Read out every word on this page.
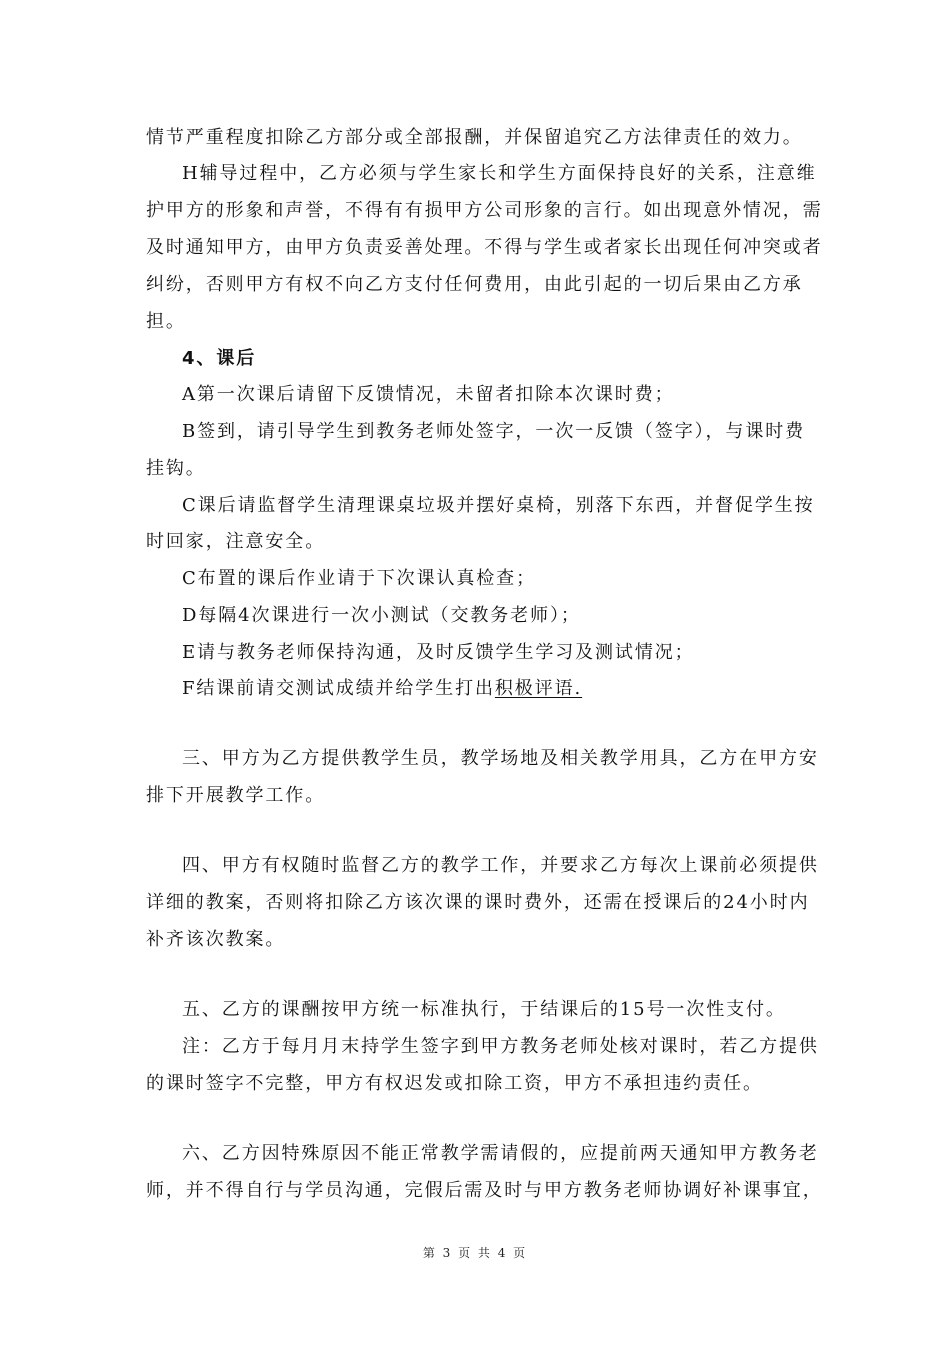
情节严重程度扣除乙方部分或全部报酬，并保留追究乙方法律责任的效力。
H辅导过程中，乙方必须与学生家长和学生方面保持良好的关系，注意维
护甲方的形象和声誉，不得有有损甲方公司形象的言行。如出现意外情况，需
及时通知甲方，由甲方负责妥善处理。不得与学生或者家长出现任何冲突或者
纠纷，否则甲方有权不向乙方支付任何费用，由此引起的一切后果由乙方承
担。
4、课后
A第一次课后请留下反馈情况，未留者扣除本次课时费；
B签到，请引导学生到教务老师处签字，一次一反馈（签字），与课时费
挂钩。
C课后请监督学生清理课桌垃圾并摆好桌椅，别落下东西，并督促学生按
时回家，注意安全。
C布置的课后作业请于下次课认真检查；
D每隔4次课进行一次小测试（交教务老师）；
E请与教务老师保持沟通，及时反馈学生学习及测试情况；
F结课前请交测试成绩并给学生打出积极评语.
三、甲方为乙方提供教学生员，教学场地及相关教学用具，乙方在甲方安
排下开展教学工作。
四、甲方有权随时监督乙方的教学工作，并要求乙方每次上课前必须提供
详细的教案，否则将扣除乙方该次课的课时费外，还需在授课后的24小时内
补齐该次教案。
五、乙方的课酬按甲方统一标准执行，于结课后的15号一次性支付。
注：乙方于每月月末持学生签字到甲方教务老师处核对课时，若乙方提供
的课时签字不完整，甲方有权迟发或扣除工资，甲方不承担违约责任。
六、乙方因特殊原因不能正常教学需请假的，应提前两天通知甲方教务老
师，并不得自行与学员沟通，完假后需及时与甲方教务老师协调好补课事宜，
第 3 页 共 4 页
